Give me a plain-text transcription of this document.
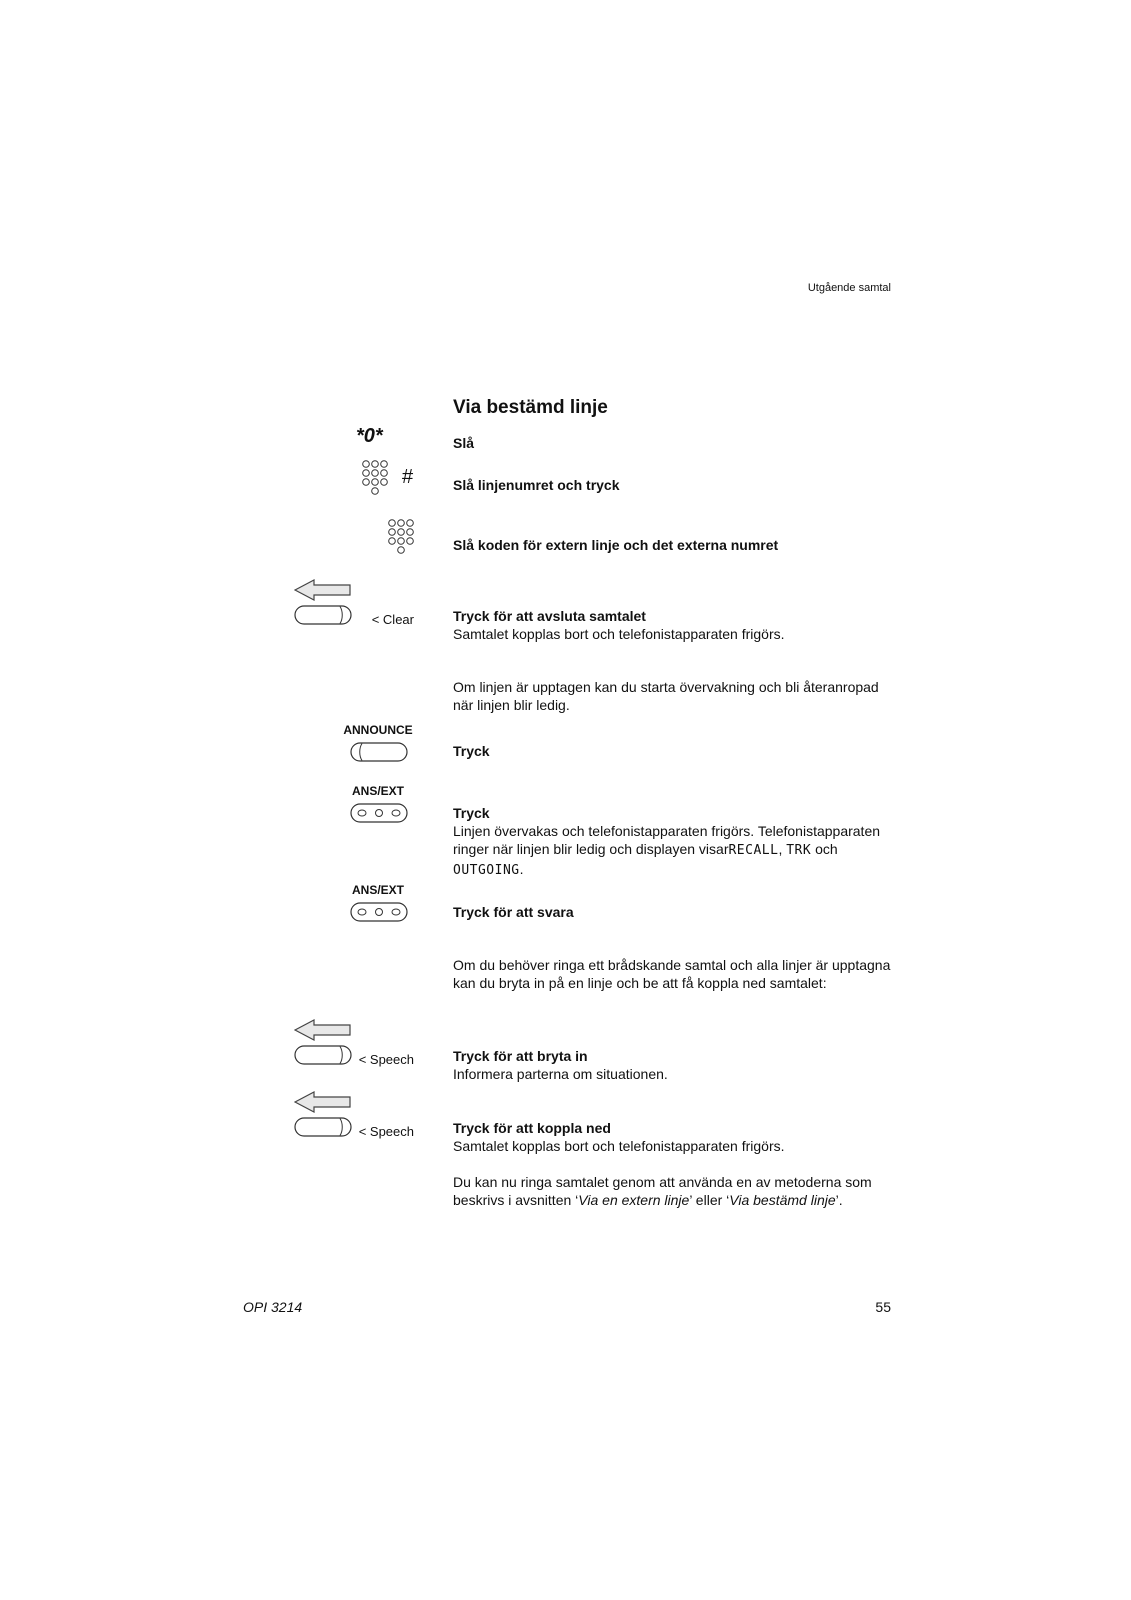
Utgående samtal
Via bestämd linje
*0*	Slå
#	Slå linjenumret och tryck
Slå koden för extern linje och det externa numret
< Clear	Tryck för att avsluta samtalet
Samtalet kopplas bort och telefonistapparaten frigörs.
Om linjen är upptagen kan du starta övervakning och bli återanropad när linjen blir ledig.
ANNOUNCE
Tryck
ANS/EXT
Tryck
Linjen övervakas och telefonistapparaten frigörs. Telefonistapparaten ringer när linjen blir ledig och displayen visarRECALL, TRK och OUTGOING.
ANS/EXT
Tryck för att svara
Om du behöver ringa ett brådskande samtal och alla linjer är upptagna kan du bryta in på en linje och be att få koppla ned samtalet:
< Speech	Tryck för att bryta in
Informera parterna om situationen.
< Speech	Tryck för att koppla ned
Samtalet kopplas bort och telefonistapparaten frigörs.
Du kan nu ringa samtalet genom att använda en av metoderna som beskrivs i avsnitten ‘Via en extern linje’ eller ‘Via bestämd linje’.
OPI 3214	55
